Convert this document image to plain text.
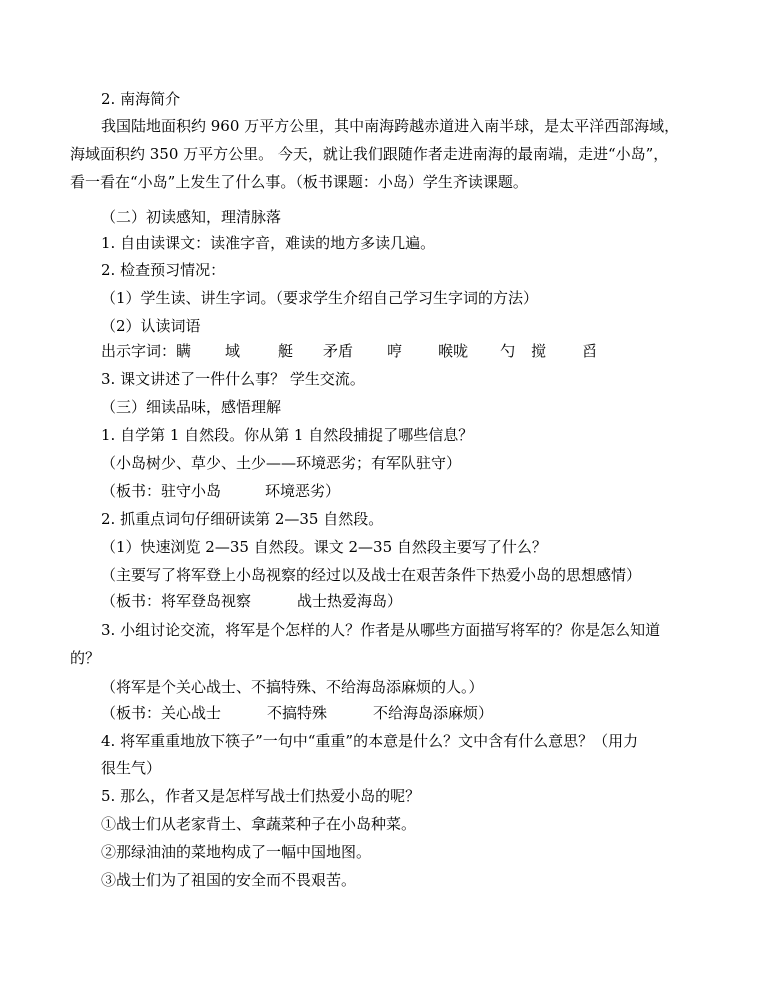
2. 南海简介
我国陆地面积约 960 万平方公里，其中南海跨越赤道进入南半球，是太平洋西部海域，
海域面积约 350 万平方公里。 今天，就让我们跟随作者走进南海的最南端，走进“小岛”，
看一看在“小岛”上发生了什么事。（板书课题：小岛）学生齐读课题。
（二）初读感知，理清脉落
1. 自由读课文：读准字音，难读的地方多读几遍。
2. 检查预习情况：
（1）学生读、讲生字词。（要求学生介绍自己学习生字词的方法）
（2）认读词语
出示字词：瞒 域	艇 矛盾 哼 喉咙 勺 搅 舀
3. 课文讲述了一件什么事？ 学生交流。
（三）细读品味，感悟理解
1. 自学第 1 自然段。你从第 1 自然段捕捉了哪些信息？
（小岛树少、草少、土少——环境恶劣；有军队驻守）
（板书：驻守小岛	环境恶劣）
2. 抓重点词句仔细研读第 2—35 自然段。
（1）快速浏览 2—35 自然段。课文 2—35 自然段主要写了什么？
（主要写了将军登上小岛视察的经过以及战士在艰苦条件下热爱小岛的思想感情）
（板书：将军登岛视察	战士热爱海岛）
3. 小组讨论交流，将军是个怎样的人？作者是从哪些方面描写将军的？你是怎么知道
的？
（将军是个关心战士、不搞特殊、不给海岛添麻烦的人。）
（板书：关心战士	不搞特殊	不给海岛添麻烦）
4. 将军重重地放下筷子”一句中“重重”的本意是什么？文中含有什么意思？（用力
很生气）
5. 那么，作者又是怎样写战士们热爱小岛的呢？
①战士们从老家背土、拿蔬菜种子在小岛种菜。
②那绿油油的菜地构成了一幅中国地图。
③战士们为了祖国的安全而不畏艰苦。
